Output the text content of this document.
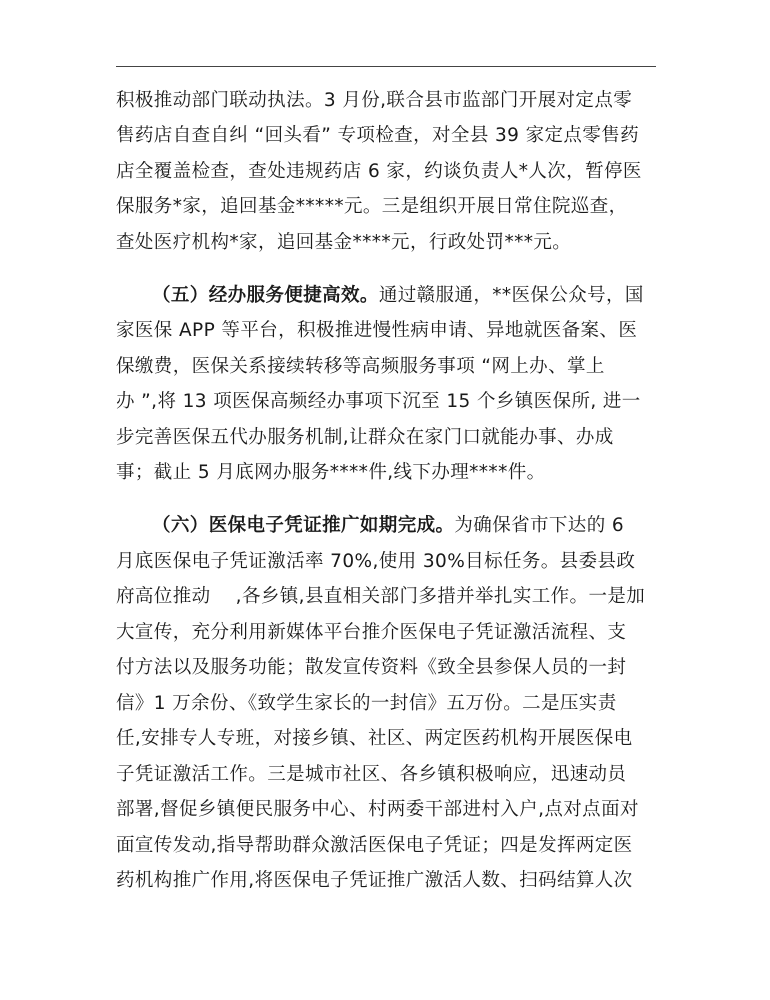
积极推动部门联动执法。3 月份,联合县市监部门开展对定点零
售药店自查自纠 “回头看” 专项检查，对全县 39 家定点零售药
店全覆盖检查，查处违规药店 6 家，约谈负责人*人次，暂停医
保服务*家，追回基金*****元。三是组织开展日常住院巡查，
查处医疗机构*家，追回基金****元，行政处罚***元。
（五）经办服务便捷高效。通过赣服通，**医保公众号，国
家医保 APP 等平台，积极推进慢性病申请、异地就医备案、医
保缴费，医保关系接续转移等高频服务事项 “网上办、掌上
办 ”,将 13 项医保高频经办事项下沉至 15 个乡镇医保所, 进一
步完善医保五代办服务机制,让群众在家门口就能办事、办成
事；截止 5 月底网办服务****件,线下办理****件。
（六）医保电子凭证推广如期完成。为确保省市下达的 6
月底医保电子凭证激活率 70%,使用 30%目标任务。县委县政
府高位推动　 ,各乡镇,县直相关部门多措并举扎实工作。一是加
大宣传，充分利用新媒体平台推介医保电子凭证激活流程、支
付方法以及服务功能；散发宣传资料《致全县参保人员的一封
信》1 万余份、《致学生家长的一封信》五万份。二是压实责
任,安排专人专班，对接乡镇、社区、两定医药机构开展医保电
子凭证激活工作。三是城市社区、各乡镇积极响应，迅速动员
部署,督促乡镇便民服务中心、村两委干部进村入户,点对点面对
面宣传发动,指导帮助群众激活医保电子凭证；四是发挥两定医
药机构推广作用,将医保电子凭证推广激活人数、扫码结算人次
